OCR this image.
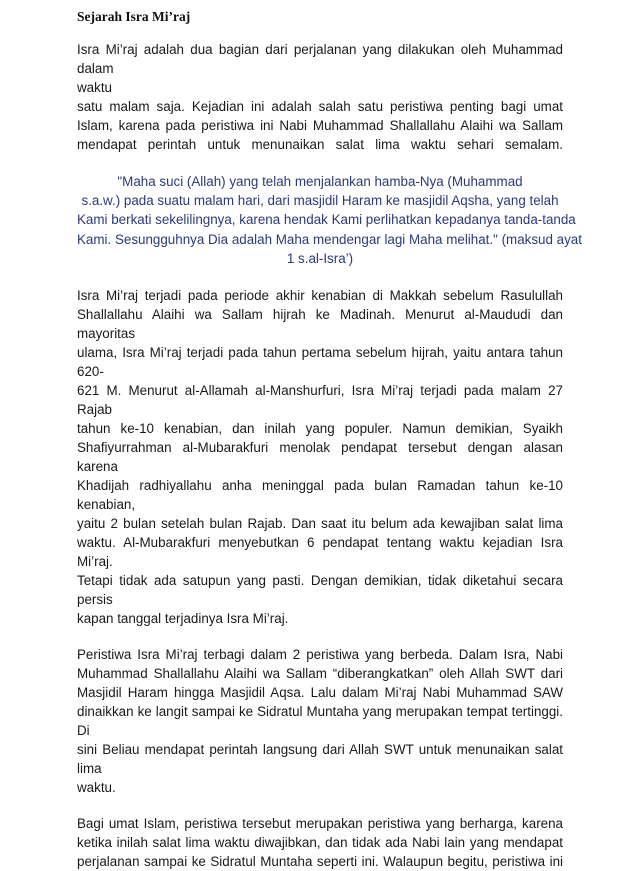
Sejarah Isra Mi’raj
Isra Mi’raj adalah dua bagian dari perjalanan yang dilakukan oleh Muhammad dalam
waktu
satu malam saja. Kejadian ini adalah salah satu peristiwa penting bagi umat
Islam, karena pada peristiwa ini Nabi Muhammad Shallallahu Alaihi wa Sallam
mendapat perintah untuk menunaikan salat lima waktu sehari semalam.
"Maha suci (Allah) yang telah menjalankan hamba-Nya (Muhammad
s.a.w.) pada suatu malam hari, dari masjidil Haram ke masjidil Aqsha, yang telah
Kami berkati sekelilingnya, karena hendak Kami perlihatkan kepadanya tanda-tanda
Kami. Sesungguhnya Dia adalah Maha mendengar lagi Maha melihat." (maksud ayat
1 s.al-Isra’)
Isra Mi’raj terjadi pada periode akhir kenabian di Makkah sebelum Rasulullah
Shallallahu Alaihi wa Sallam hijrah ke Madinah. Menurut al-Maududi dan mayoritas
ulama, Isra Mi’raj terjadi pada tahun pertama sebelum hijrah, yaitu antara tahun 620-
621 M. Menurut al-Allamah al-Manshurfuri, Isra Mi’raj terjadi pada malam 27 Rajab
tahun ke-10 kenabian, dan inilah yang populer. Namun demikian, Syaikh
Shafiyurrahman al-Mubarakfuri menolak pendapat tersebut dengan alasan karena
Khadijah radhiyallahu anha meninggal pada bulan Ramadan tahun ke-10 kenabian,
yaitu 2 bulan setelah bulan Rajab. Dan saat itu belum ada kewajiban salat lima
waktu. Al-Mubarakfuri menyebutkan 6 pendapat tentang waktu kejadian Isra Mi’raj.
Tetapi tidak ada satupun yang pasti. Dengan demikian, tidak diketahui secara persis
kapan tanggal terjadinya Isra Mi’raj.
Peristiwa Isra Mi’raj terbagi dalam 2 peristiwa yang berbeda. Dalam Isra, Nabi
Muhammad Shallallahu Alaihi wa Sallam “diberangkatkan” oleh Allah SWT dari
Masjidil Haram hingga Masjidil Aqsa. Lalu dalam Mi’raj Nabi Muhammad SAW
dinaikkan ke langit sampai ke Sidratul Muntaha yang merupakan tempat tertinggi. Di
sini Beliau mendapat perintah langsung dari Allah SWT untuk menunaikan salat lima
waktu.
Bagi umat Islam, peristiwa tersebut merupakan peristiwa yang berharga, karena
ketika inilah salat lima waktu diwajibkan, dan tidak ada Nabi lain yang mendapat
perjalanan sampai ke Sidratul Muntaha seperti ini. Walaupun begitu, peristiwa ini
